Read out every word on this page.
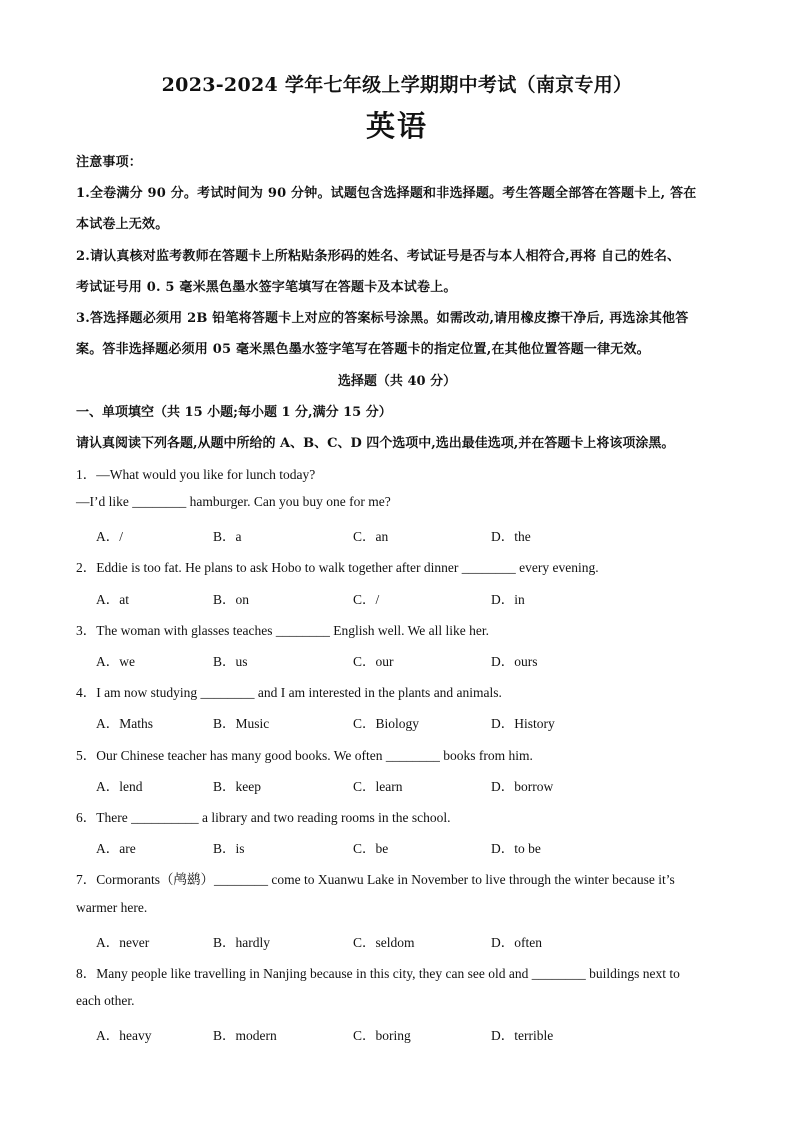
2023-2024 学年七年级上学期期中考试（南京专用）
英语
注意事项：
1.全卷满分 90 分。考试时间为 90 分钟。试题包含选择题和非选择题。考生答题全部答在答题卡上, 答在
本试卷上无效。
2.请认真核对监考教师在答题卡上所粘贴条形码的姓名、考试证号是否与本人相符合,再将 自己的姓名、
考试证号用 0. 5 毫米黑色墨水签字笔填写在答题卡及本试卷上。
3.答选择题必须用 2B 铅笔将答题卡上对应的答案标号涂黑。如需改动,请用橡皮擦干净后, 再选涂其他答
案。答非选择题必须用 05 毫米黑色墨水签字笔写在答题卡的指定位置,在其他位置答题一律无效。
选择题（共 40 分）
一、单项填空（共 15 小题;每小题 1 分,满分 15 分）
请认真阅读下列各题,从题中所给的 A、B、C、D 四个选项中,选出最佳选项,并在答题卡上将该项涂黑。
1．—What would you like for lunch today?
—I’d like ________ hamburger. Can you buy one for me?
A．/	B．a	C．an	D．the
2．Eddie is too fat. He plans to ask Hobo to walk together after dinner ________ every evening.
A．at	B．on	C．/	D．in
3．The woman with glasses teaches ________ English well. We all like her.
A．we	B．us	C．our	D．ours
4．I am now studying ________ and I am interested in the plants and animals.
A．Maths	B．Music	C．Biology	D．History
5．Our Chinese teacher has many good books. We often ________ books from him.
A．lend	B．keep	C．learn	D．borrow
6．There __________ a library and two reading rooms in the school.
A．are	B．is	C．be	D．to be
7．Cormorants（鸬鹚）________ come to Xuanwu Lake in November to live through the winter because it’s
warmer here.
A．never	B．hardly	C．seldom	D．often
8．Many people like travelling in Nanjing because in this city, they can see old and ________ buildings next to
each other.
A．heavy	B．modern	C．boring	D．terrible
